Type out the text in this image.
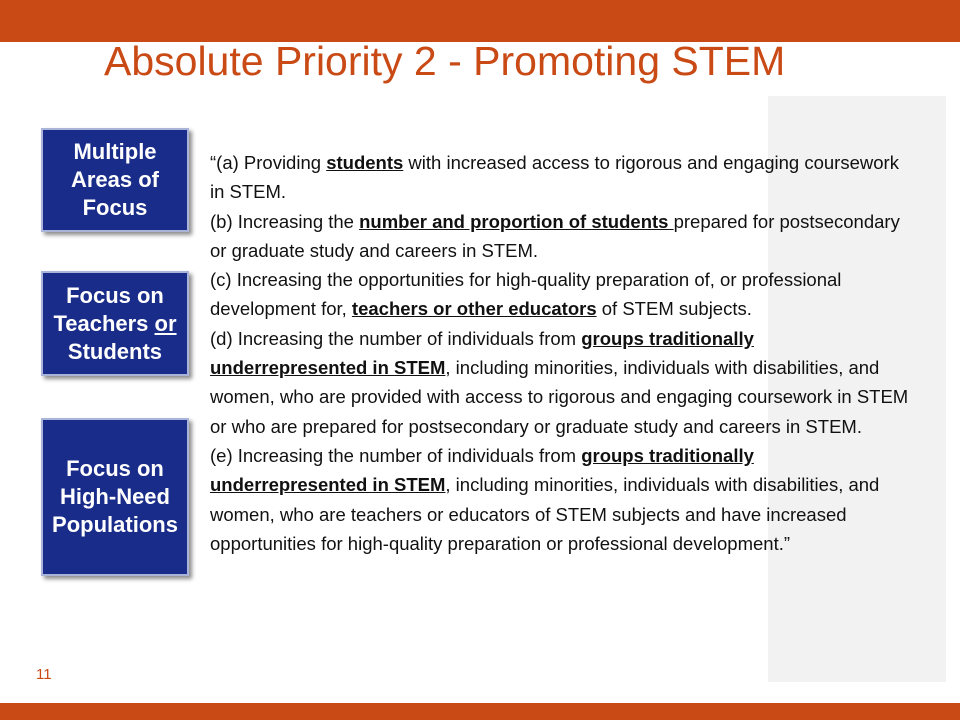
Absolute Priority 2 - Promoting STEM
Multiple
Areas of
Focus
Focus on
Teachers or
Students
Focus on
High-Need
Populations

“(a) Providing students with increased access to rigorous and engaging coursework in STEM.

(b) Increasing the number and proportion of students prepared for postsecondary or graduate study and careers in STEM.

(c) Increasing the opportunities for high-quality preparation of, or professional development for, teachers or other educators of STEM subjects.

(d) Increasing the number of individuals from groups traditionally underrepresented in STEM, including minorities, individuals with disabilities, and women, who are provided with access to rigorous and engaging coursework in STEM or who are prepared for postsecondary or graduate study and careers in STEM.

(e) Increasing the number of individuals from groups traditionally underrepresented in STEM, including minorities, individuals with disabilities, and women, who are teachers or educators of STEM subjects and have increased opportunities for high-quality preparation or professional development.”

11
